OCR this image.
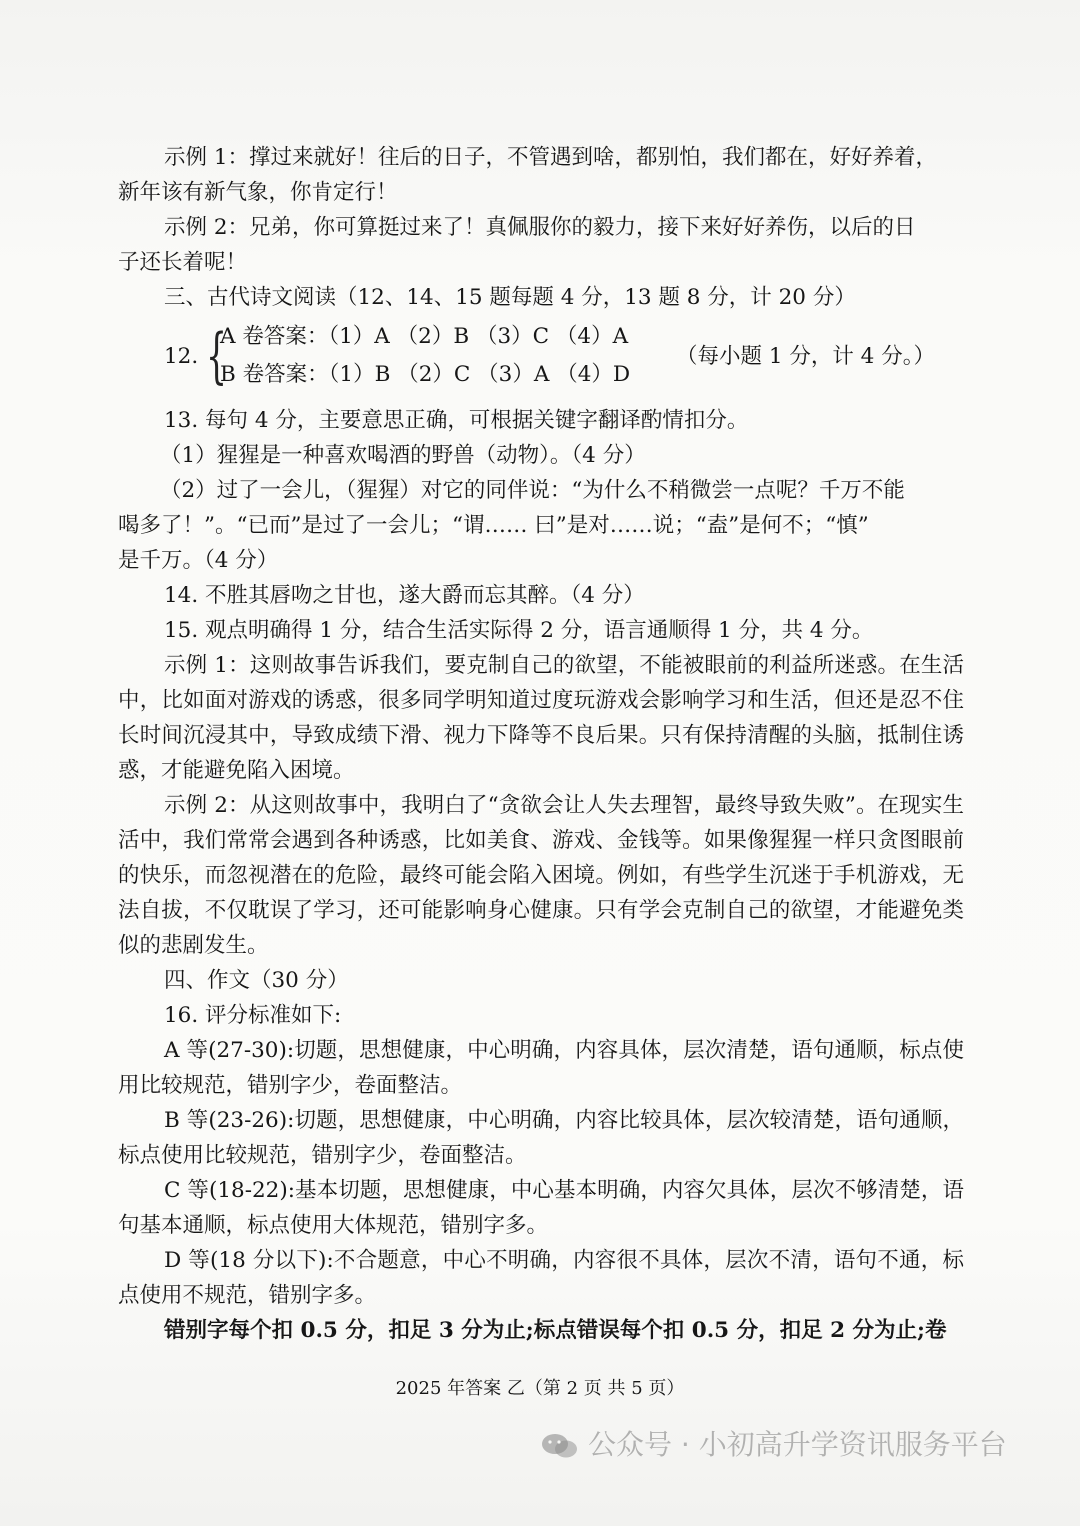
示例 1：撑过来就好！往后的日子，不管遇到啥，都别怕，我们都在，好好养着，

新年该有新气象，你肯定行！

示例 2：兄弟，你可算挺过来了！真佩服你的毅力，接下来好好养伤，以后的日

子还长着呢！

三、古代诗文阅读（12、14、15 题每题 4 分，13 题 8 分，计 20 分）

12. {
A 卷答案：（1）A （2）B （3）C （4）A
B 卷答案：（1）B （2）C （3）A （4）D
（每小题 1 分，计 4 分。）

13. 每句 4 分，主要意思正确，可根据关键字翻译酌情扣分。

（1）猩猩是一种喜欢喝酒的野兽（动物）。（4 分）

（2）过了一会儿，（猩猩）对它的同伴说：“为什么不稍微尝一点呢？千万不能

喝多了！”。“已而”是过了一会儿；“谓…… 曰”是对……说；“盍”是何不；“慎”

是千万。（4 分）

14. 不胜其唇吻之甘也，遂大爵而忘其醉。（4 分）

15. 观点明确得 1 分，结合生活实际得 2 分，语言通顺得 1 分，共 4 分。

示例 1：这则故事告诉我们，要克制自己的欲望，不能被眼前的利益所迷惑。在生活中，比如面对游戏的诱惑，很多同学明知道过度玩游戏会影响学习和生活，但还是忍不住长时间沉浸其中，导致成绩下滑、视力下降等不良后果。只有保持清醒的头脑，抵制住诱惑，才能避免陷入困境。

示例 2：从这则故事中，我明白了“贪欲会让人失去理智，最终导致失败”。在现实生活中，我们常常会遇到各种诱惑，比如美食、游戏、金钱等。如果像猩猩一样只贪图眼前的快乐，而忽视潜在的危险，最终可能会陷入困境。例如，有些学生沉迷于手机游戏，无法自拔，不仅耽误了学习，还可能影响身心健康。只有学会克制自己的欲望，才能避免类似的悲剧发生。

四、作文（30 分）

16. 评分标准如下:

A 等(27-30):切题，思想健康，中心明确，内容具体，层次清楚，语句通顺，标点使用比较规范，错别字少，卷面整洁。

B 等(23-26):切题，思想健康，中心明确，内容比较具体，层次较清楚，语句通顺，标点使用比较规范，错别字少，卷面整洁。

C 等(18-22):基本切题，思想健康，中心基本明确，内容欠具体，层次不够清楚，语句基本通顺，标点使用大体规范，错别字多。

D 等(18 分以下):不合题意，中心不明确，内容很不具体，层次不清，语句不通，标点使用不规范，错别字多。

错别字每个扣 0.5 分，扣足 3 分为止;标点错误每个扣 0.5 分，扣足 2 分为止;卷

2025 年答案 乙（第 2 页 共 5 页）
公众号 · 小初高升学资讯服务平台
